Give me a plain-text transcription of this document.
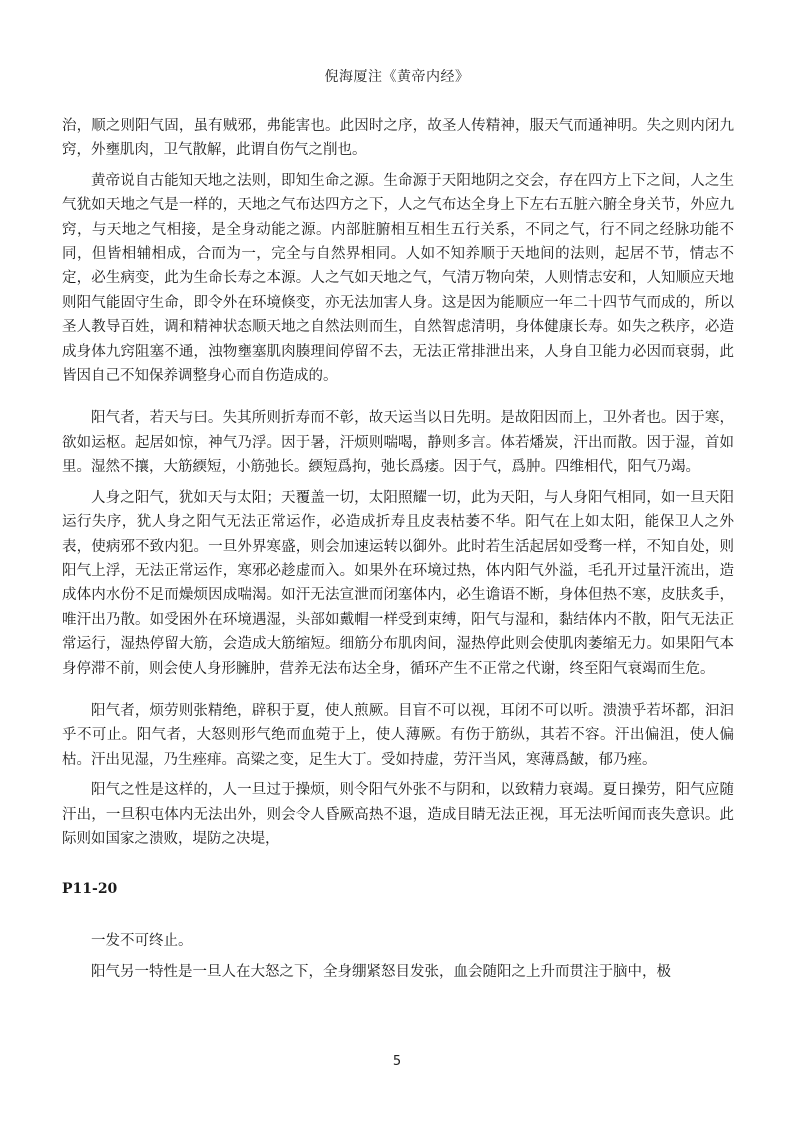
倪海厦注《黄帝内经》

治，顺之则阳气固，虽有贼邪，弗能害也。此因时之序，故圣人传精神，服天气而通神明。失之则内闭九窍，外壅肌肉，卫气散解，此谓自伤气之削也。

黄帝说自古能知天地之法则，即知生命之源。生命源于天阳地阴之交会，存在四方上下之间，人之生气犹如天地之气是一样的，天地之气布达四方之下，人之气布达全身上下左右五脏六腑全身关节，外应九窍，与天地之气相接，是全身动能之源。内部脏腑相互相生五行关系，不同之气，行不同之经脉功能不同，但皆相辅相成，合而为一，完全与自然界相同。人如不知养顺于天地间的法则，起居不节，情志不定，必生病变，此为生命长寿之本源。人之气如天地之气，气清万物向荣，人则情志安和，人知顺应天地则阳气能固守生命，即令外在环境倏变，亦无法加害人身。这是因为能顺应一年二十四节气而成的，所以圣人教导百姓，调和精神状态顺天地之自然法则而生，自然智虑清明，身体健康长寿。如失之秩序，必造成身体九窍阻塞不通，浊物壅塞肌肉腠理间停留不去，无法正常排泄出来，人身自卫能力必因而衰弱，此皆因自己不知保养调整身心而自伤造成的。

阳气者，若天与曰。失其所则折寿而不彰，故天运当以日先明。是故阳因而上，卫外者也。因于寒，欲如运枢。起居如惊，神气乃浮。因于暑，汗烦则喘喝，静则多言。体若燔炭，汗出而散。因于湿，首如里。湿然不攘，大筋緛短，小筋弛长。緛短爲拘，弛长爲痿。因于气，爲肿。四维相代，阳气乃竭。

人身之阳气，犹如天与太阳；天覆盖一切，太阳照耀一切，此为天阳，与人身阳气相同，如一旦天阳运行失序，犹人身之阳气无法正常运作，必造成折寿且皮表枯萎不华。阳气在上如太阳，能保卫人之外表，使病邪不致内犯。一旦外界寒盛，则会加速运转以御外。此时若生活起居如受骛一样，不知自处，则阳气上浮，无法正常运作，寒邪必趁虚而入。如果外在环境过热，体内阳气外溢，毛孔开过量汗流出，造成体内水份不足而燥烦因成喘渴。如汗无法宣泄而闭塞体内，必生谵语不断，身体但热不寒，皮肤炙手，唯汗出乃散。如受困外在环境遇湿，头部如戴帽一样受到束缚，阳气与湿和，黏结体内不散，阳气无法正常运行，湿热停留大筋，会造成大筋缩短。细筋分布肌肉间，湿热停此则会使肌肉萎缩无力。如果阳气本身停滞不前，则会使人身形臃肿，营养无法布达全身，循环产生不正常之代谢，终至阳气衰竭而生危。

阳气者，烦劳则张精绝，辟积于夏，使人煎厥。目盲不可以视，耳闭不可以听。溃溃乎若坏都，汩汩乎不可止。阳气者，大怒则形气绝而血菀于上，使人薄厥。有伤于筋纵，其若不容。汗出偏沮，使人偏枯。汗出见湿，乃生痤痱。高粱之变，足生大丁。受如持虚，劳汗当风，寒薄爲皶，郁乃痤。

阳气之性是这样的，人一旦过于操烦，则令阳气外张不与阴和，以致精力衰竭。夏日操劳，阳气应随汗出，一旦积屯体内无法出外，则会令人昏厥高热不退，造成目睛无法正视，耳无法听闻而丧失意识。此际则如国家之溃败，堤防之决堤，

P11-20

一发不可终止。

阳气另一特性是一旦人在大怒之下，全身绷紧怒目发张，血会随阳之上升而贯注于脑中，极

5
